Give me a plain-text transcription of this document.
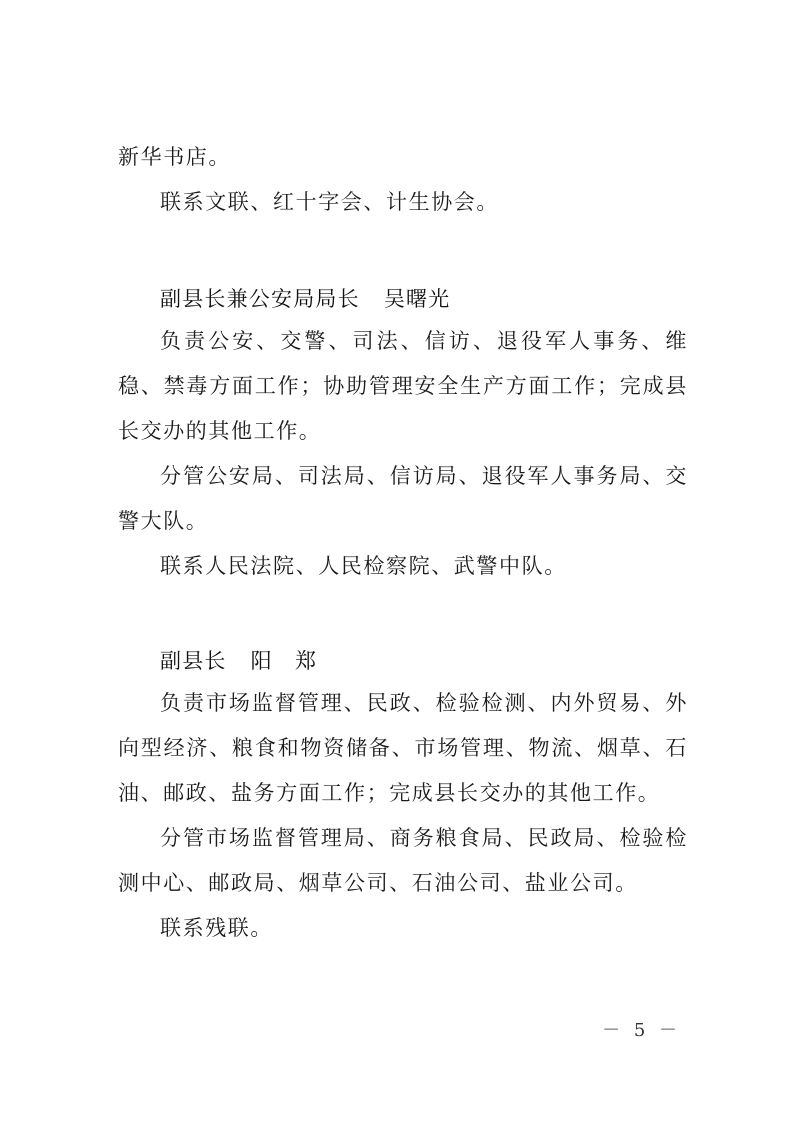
新华书店。

联系文联、红十字会、计生协会。

副县长兼公安局局长 吴曙光

负责公安、交警、司法、信访、退役军人事务、维稳、禁毒方面工作；协助管理安全生产方面工作；完成县长交办的其他工作。

分管公安局、司法局、信访局、退役军人事务局、交警大队。

联系人民法院、人民检察院、武警中队。

副县长 阳　郑

负责市场监督管理、民政、检验检测、内外贸易、外向型经济、粮食和物资储备、市场管理、物流、烟草、石油、邮政、盐务方面工作；完成县长交办的其他工作。

分管市场监督管理局、商务粮食局、民政局、检验检测中心、邮政局、烟草公司、石油公司、盐业公司。

联系残联。

－ 5 －
